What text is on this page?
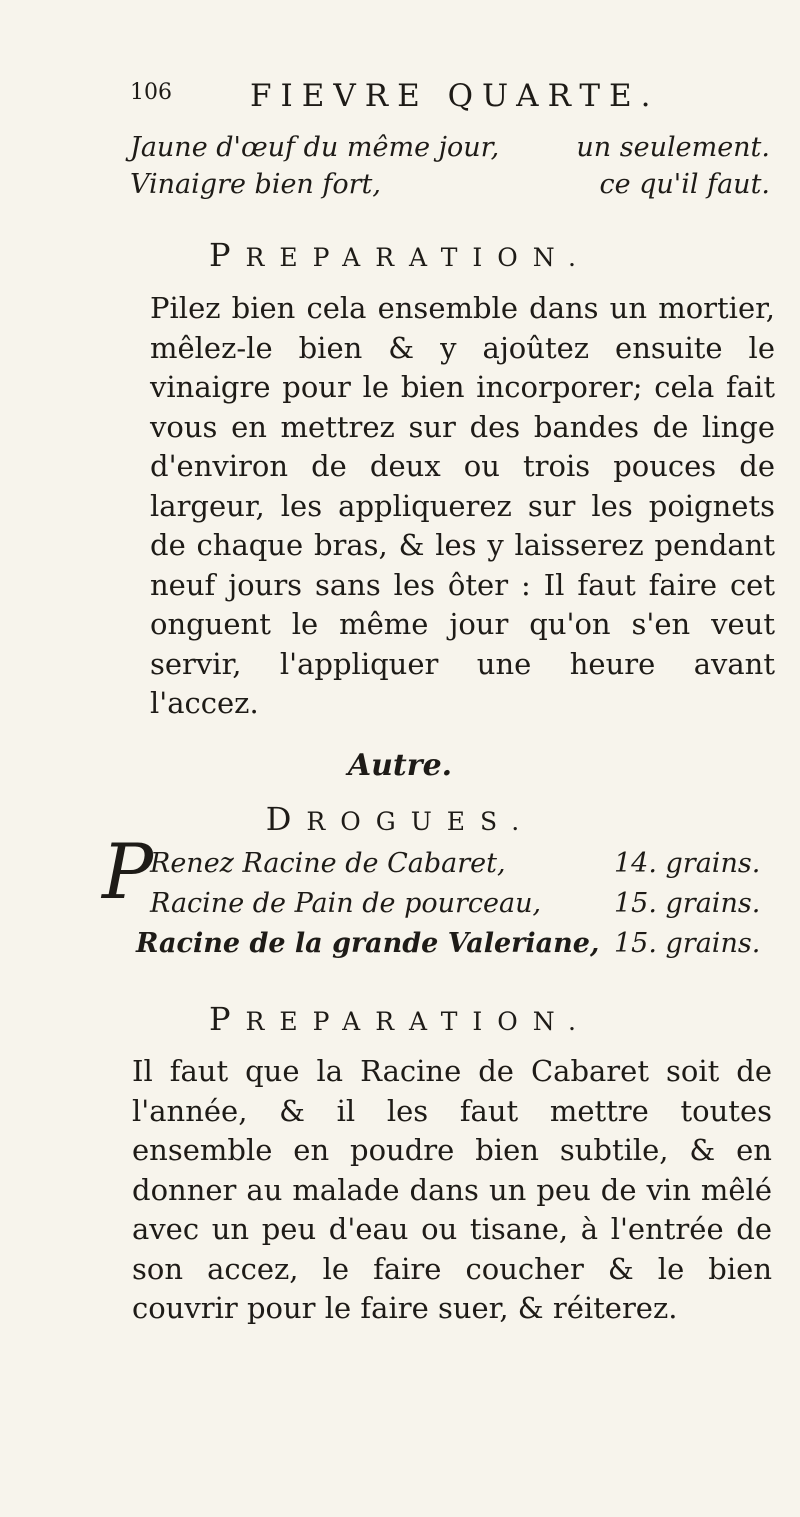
106	FIEVRE QUARTE.
Jaune d'œuf du même jour,	un seulement.
Vinaigre bien fort,	ce qu'il faut.
PREPARATION.
Pilez bien cela ensemble dans un mortier, mêlez-le bien & y ajoûtez ensuite le vinaigre pour le bien incorporer; cela fait vous en mettrez sur des bandes de linge d'environ de deux ou trois pouces de largeur, les appliquerez sur les poignets de chaque bras, & les y laisserez pendant neuf jours sans les ôter : Il faut faire cet onguent le même jour qu'on s'en veut servir, l'appliquer une heure avant l'accez.
Autre.
DROGUES.
P
Renez Racine de Cabaret,	14. grains.
Racine de Pain de pourceau,	15. grains.
Racine de la grande Valeriane, 15. grains.
PREPARATION.
Il faut que la Racine de Cabaret soit de l'année, & il les faut mettre toutes ensemble en poudre bien subtile, & en donner au malade dans un peu de vin mêlé avec un peu d'eau ou tisane, à l'entrée de son accez, le faire coucher & le bien couvrir pour le faire suer, & réiterez.
